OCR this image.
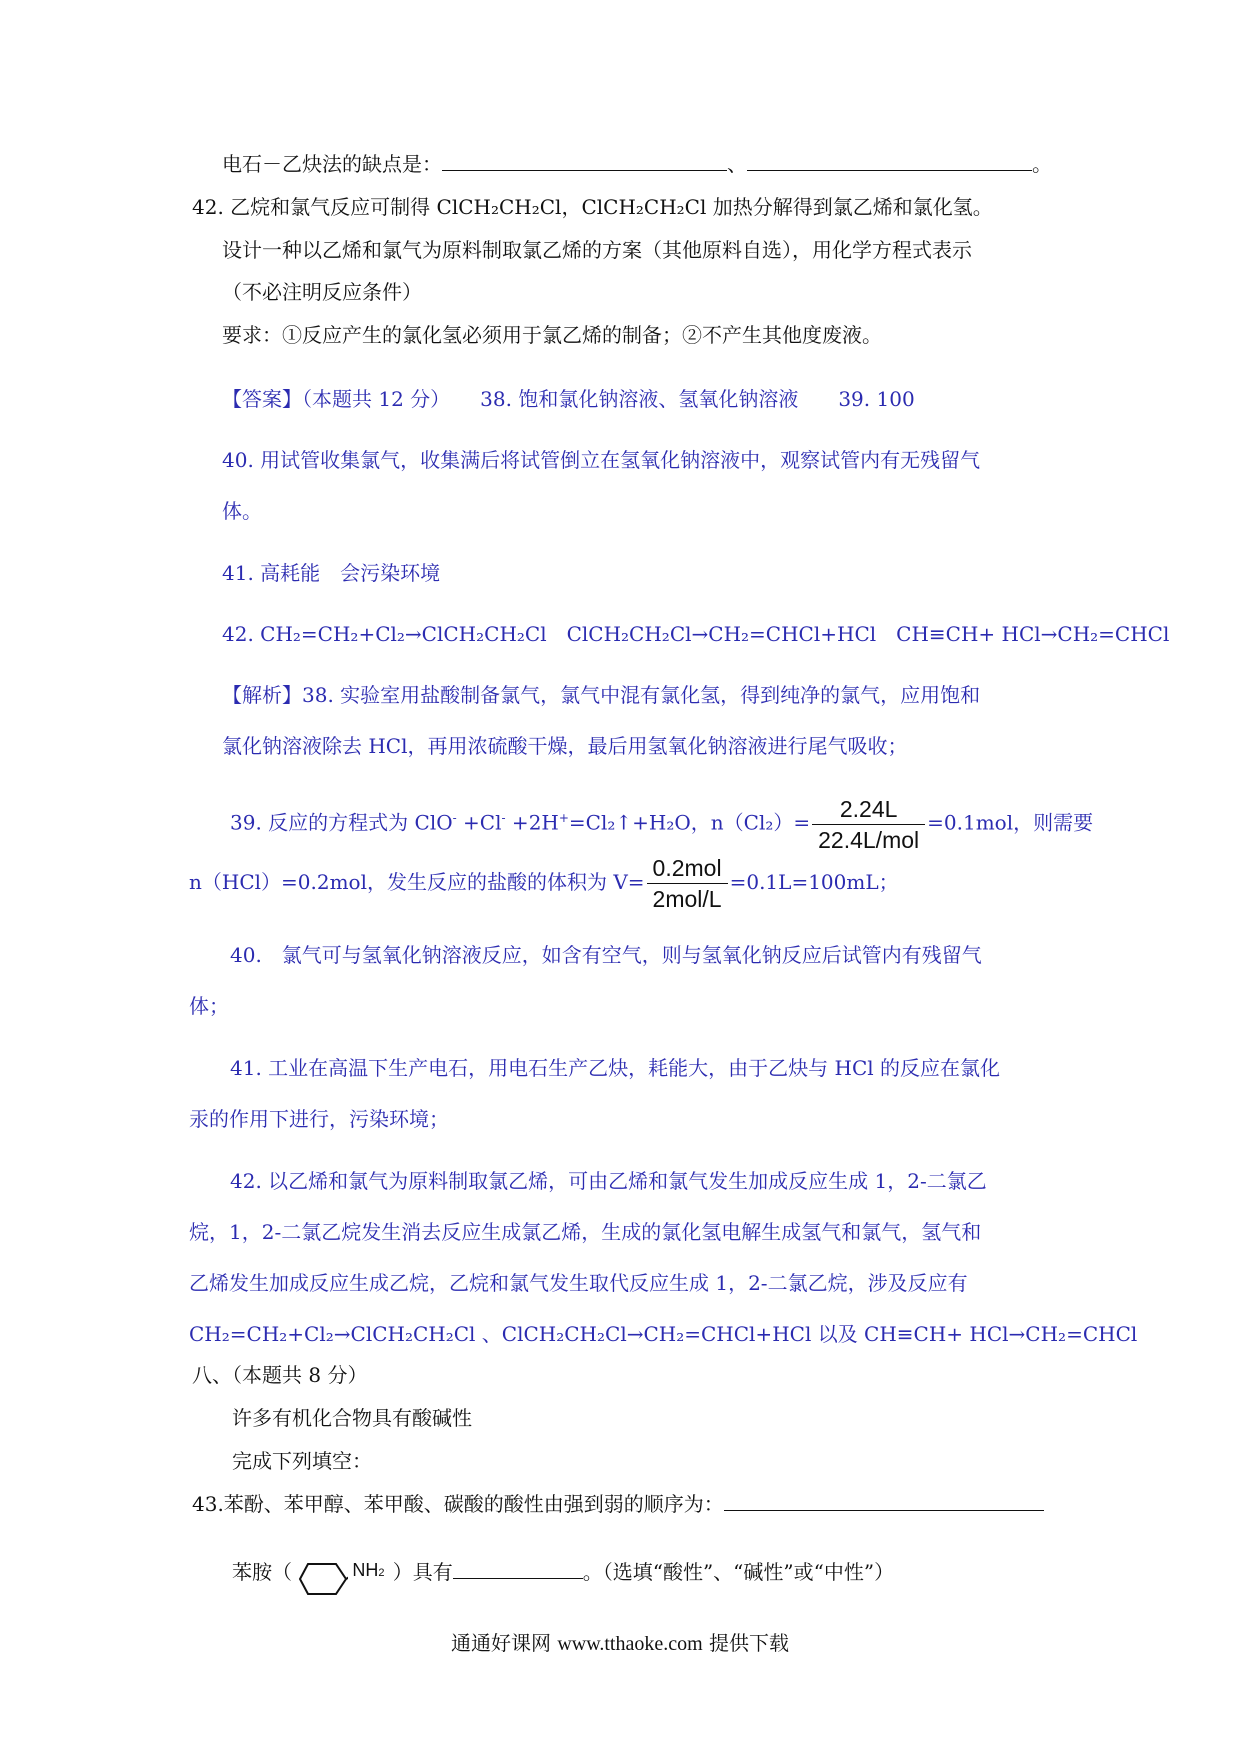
电石－乙炔法的缺点是：	、	。
42. 乙烷和氯气反应可制得 ClCH₂CH₂Cl，ClCH₂CH₂Cl 加热分解得到氯乙烯和氯化氢。
设计一种以乙烯和氯气为原料制取氯乙烯的方案（其他原料自选），用化学方程式表示
（不必注明反应条件）
要求：①反应产生的氯化氢必须用于氯乙烯的制备；②不产生其他度废液。
【答案】（本题共 12 分）　　38. 饱和氯化钠溶液、氢氧化钠溶液　　39. 100
40. 用试管收集氯气，收集满后将试管倒立在氢氧化钠溶液中，观察试管内有无残留气
体。
41. 高耗能　会污染环境
42. CH₂=CH₂+Cl₂→ClCH₂CH₂Cl　ClCH₂CH₂Cl→CH₂=CHCl+HCl　CH≡CH+ HCl→CH₂=CHCl
【解析】38. 实验室用盐酸制备氯气，氯气中混有氯化氢，得到纯净的氯气，应用饱和
氯化钠溶液除去 HCl，再用浓硫酸干燥，最后用氢氧化钠溶液进行尾气吸收；
39. 反应的方程式为 ClO- +Cl- +2H+=Cl₂↑+H₂O，$n(Cl_2)= \frac{2.24L}{\text{22.4L/mol}} =0.1mol$，则需要
n（HCl）=0.2mol，发生反应的盐酸的体积为 $V= \frac{\text{0.2mol}}{\text{2mol/L}} =0.1L=100mL$；
40.　氯气可与氢氧化钠溶液反应，如含有空气，则与氢氧化钠反应后试管内有残留气
体；
41. 工业在高温下生产电石，用电石生产乙炔，耗能大，由于乙炔与 HCl 的反应在氯化
汞的作用下进行，污染环境；
42. 以乙烯和氯气为原料制取氯乙烯，可由乙烯和氯气发生加成反应生成 1，2-二氯乙
烷，1，2-二氯乙烷发生消去反应生成氯乙烯，生成的氯化氢电解生成氢气和氯气，氢气和
乙烯发生加成反应生成乙烷，乙烷和氯气发生取代反应生成 1，2-二氯乙烷，涉及反应有
CH₂=CH₂+Cl₂→ClCH₂CH₂Cl 、ClCH₂CH₂Cl→CH₂=CHCl+HCl 以及 CH≡CH+ HCl→CH₂=CHCl
八、（本题共 8 分）
许多有机化合物具有酸碱性
完成下列填空：
43.苯酚、苯甲醇、苯甲酸、碳酸的酸性由强到弱的顺序为：
苯胺（	NH2 ）具有	。（选填“酸性”、“碱性”或“中性”）
通通好课网 www.tthaoke.com 提供下载
